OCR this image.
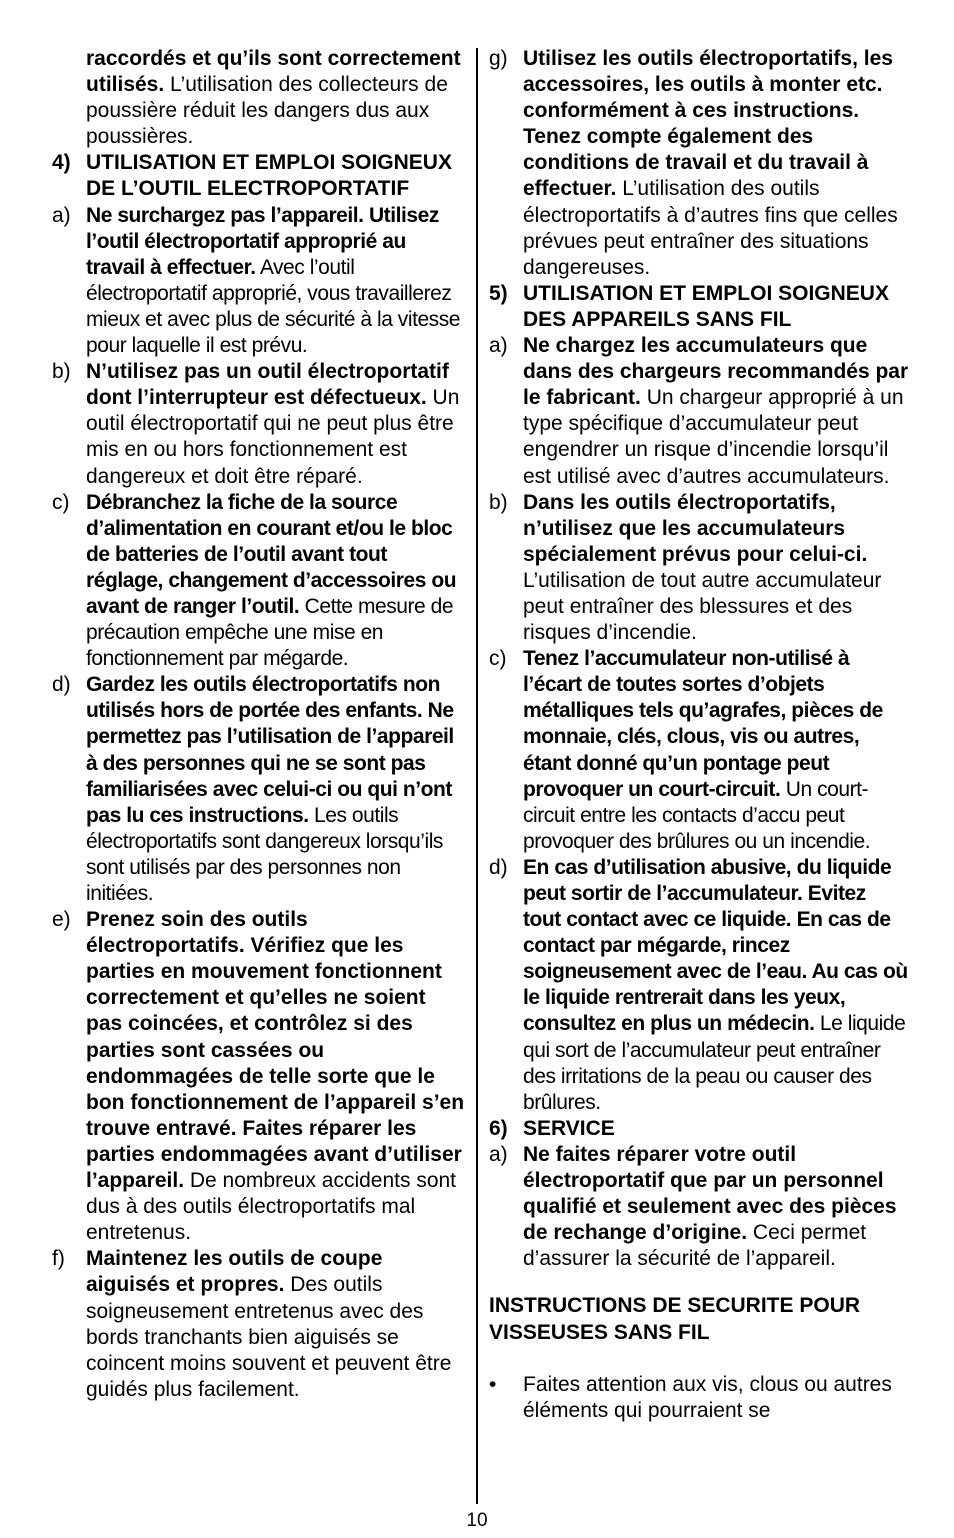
raccordés et qu’ils sont correctement utilisés. L’utilisation des collecteurs de poussière réduit les dangers dus aux poussières.
4) UTILISATION ET EMPLOI SOIGNEUX DE L’OUTIL ELECTROPORTATIF
a) Ne surchargez pas l’appareil. Utilisez l’outil électroportatif approprié au travail à effectuer. Avec l’outil électroportatif approprié, vous travaillerez mieux et avec plus de sécurité à la vitesse pour laquelle il est prévu.
b) N’utilisez pas un outil électroportatif dont l’interrupteur est défectueux. Un outil électroportatif qui ne peut plus être mis en ou hors fonctionnement est dangereux et doit être réparé.
c) Débranchez la fiche de la source d’alimentation en courant et/ou le bloc de batteries de l’outil avant tout réglage, changement d’accessoires ou avant de ranger l’outil. Cette mesure de précaution empêche une mise en fonctionnement par mégarde.
d) Gardez les outils électroportatifs non utilisés hors de portée des enfants. Ne permettez pas l’utilisation de l’appareil à des personnes qui ne se sont pas familiarisées avec celui-ci ou qui n’ont pas lu ces instructions. Les outils électroportatifs sont dangereux lorsqu’ils sont utilisés par des personnes non initiées.
e) Prenez soin des outils électroportatifs. Vérifiez que les parties en mouvement fonctionnent correctement et qu’elles ne soient pas coincées, et contrôlez si des parties sont cassées ou endommagées de telle sorte que le bon fonctionnement de l’appareil s’en trouve entravé. Faites réparer les parties endommagées avant d’utiliser l’appareil. De nombreux accidents sont dus à des outils électroportatifs mal entretenus.
f)	Maintenez les outils de coupe aiguisés et propres. Des outils soigneusement entretenus avec des bords tranchants bien aiguisés se coincent moins souvent et peuvent être guidés plus facilement.
g) Utilisez les outils électroportatifs, les accessoires, les outils à monter etc. conformément à ces instructions. Tenez compte également des conditions de travail et du travail à effectuer. L’utilisation des outils électroportatifs à d’autres fins que celles prévues peut entraîner des situations dangereuses.
5) UTILISATION ET EMPLOI SOIGNEUX DES APPAREILS SANS FIL
a) Ne chargez les accumulateurs que dans des chargeurs recommandés par le fabricant. Un chargeur approprié à un type spécifique d’accumulateur peut engendrer un risque d’incendie lorsqu’il est utilisé avec d’autres accumulateurs.
b) Dans les outils électroportatifs, n’utilisez que les accumulateurs spécialement prévus pour celui-ci. L’utilisation de tout autre accumulateur peut entraîner des blessures et des risques d’incendie.
c) Tenez l’accumulateur non-utilisé à l’écart de toutes sortes d’objets métalliques tels qu’agrafes, pièces de monnaie, clés, clous, vis ou autres, étant donné qu’un pontage peut provoquer un court-circuit. Un court-circuit entre les contacts d’accu peut provoquer des brûlures ou un incendie.
d) En cas d’utilisation abusive, du liquide peut sortir de l’accumulateur. Evitez tout contact avec ce liquide. En cas de contact par mégarde, rincez soigneusement avec de l’eau. Au cas où le liquide rentrerait dans les yeux, consultez en plus un médecin. Le liquide qui sort de l’accumulateur peut entraîner des irritations de la peau ou causer des brûlures.
6) SERVICE
a) Ne faites réparer votre outil électroportatif que par un personnel qualifié et seulement avec des pièces de rechange d’origine. Ceci permet d’assurer la sécurité de l’appareil.
INSTRUCTIONS DE SECURITE POUR VISSEUSES SANS FIL
•	Faites attention aux vis, clous ou autres éléments qui pourraient se
10
